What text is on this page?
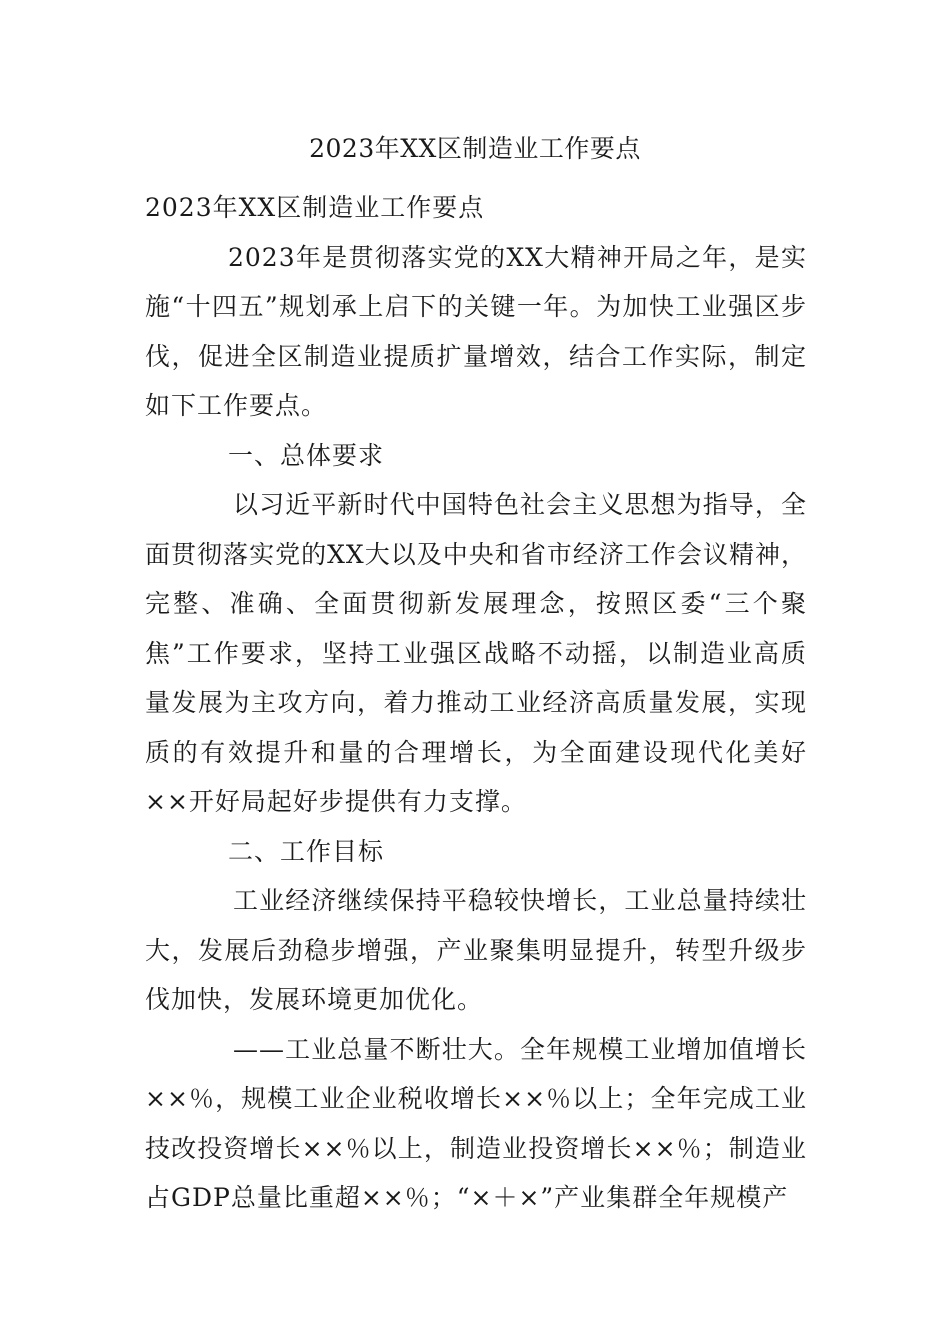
2023年XX区制造业工作要点

2023年XX区制造业工作要点

2023年是贯彻落实党的XX大精神开局之年，是实施“十四五”规划承上启下的关键一年。为加快工业强区步伐，促进全区制造业提质扩量增效，结合工作实际，制定如下工作要点。

一、总体要求

以习近平新时代中国特色社会主义思想为指导，全面贯彻落实党的XX大以及中央和省市经济工作会议精神，完整、准确、全面贯彻新发展理念，按照区委“三个聚焦”工作要求，坚持工业强区战略不动摇，以制造业高质量发展为主攻方向，着力推动工业经济高质量发展，实现质的有效提升和量的合理增长，为全面建设现代化美好××开好局起好步提供有力支撑。

二、工作目标

工业经济继续保持平稳较快增长，工业总量持续壮大，发展后劲稳步增强，产业聚集明显提升，转型升级步伐加快，发展环境更加优化。

——工业总量不断壮大。全年规模工业增加值增长××％，规模工业企业税收增长××％以上；全年完成工业技改投资增长××％以上，制造业投资增长××％；制造业占GDP总量比重超××％；“×＋×”产业集群全年规模产
